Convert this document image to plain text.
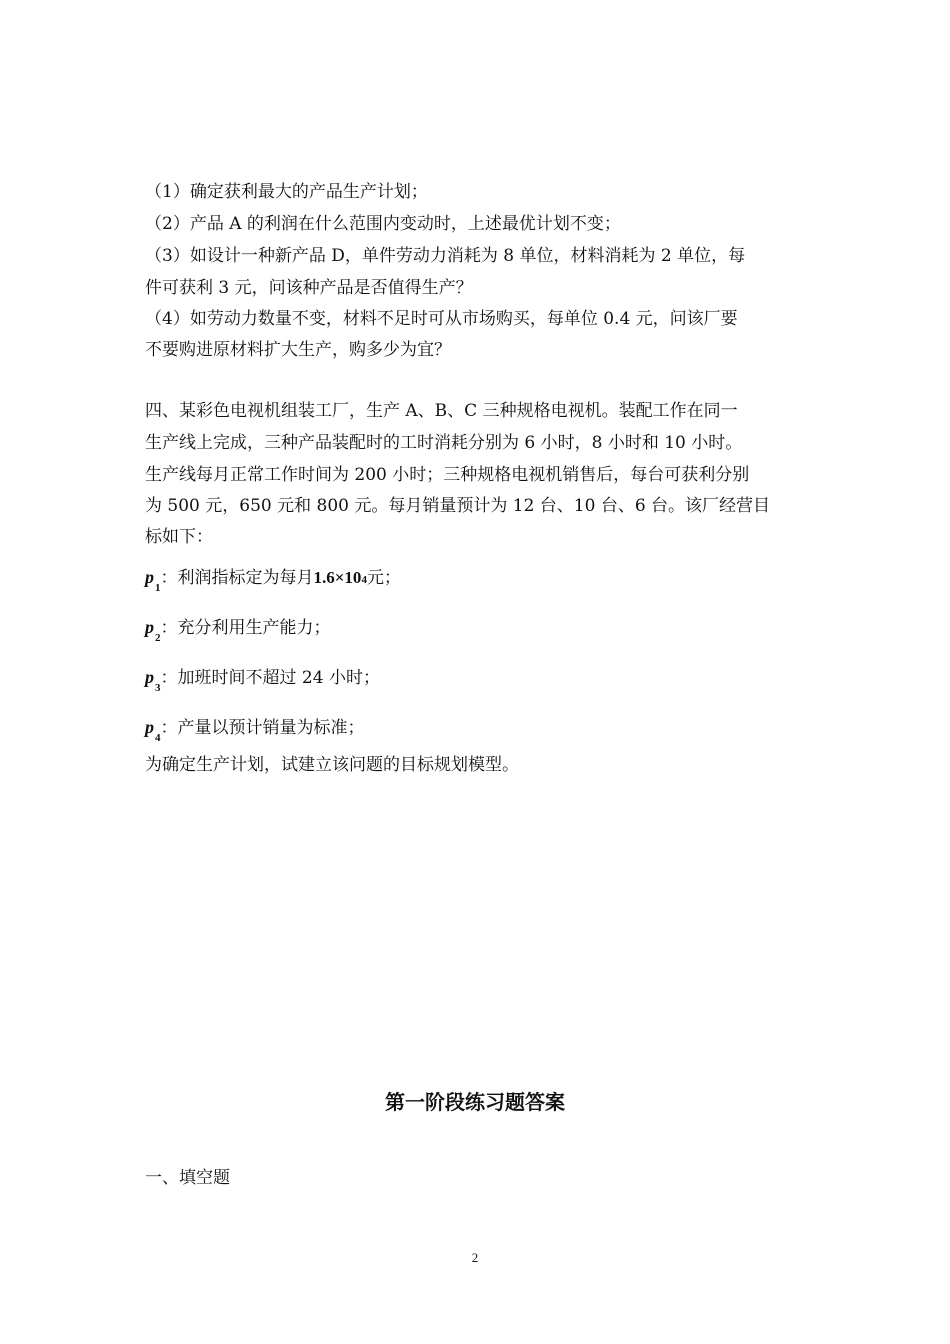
（1）确定获利最大的产品生产计划；
（2）产品 A 的利润在什么范围内变动时，上述最优计划不变；
（3）如设计一种新产品 D，单件劳动力消耗为 8 单位，材料消耗为 2 单位，每
件可获利 3 元，问该种产品是否值得生产？
（4）如劳动力数量不变，材料不足时可从市场购买，每单位 0.4 元，问该厂要
不要购进原材料扩大生产，购多少为宜？
四、某彩色电视机组装工厂，生产 A、B、C 三种规格电视机。装配工作在同一
生产线上完成，三种产品装配时的工时消耗分别为 6 小时，8 小时和 10 小时。
生产线每月正常工作时间为 200 小时；三种规格电视机销售后，每台可获利分别
为 500 元，650 元和 800 元。每月销量预计为 12 台、10 台、6 台。该厂经营目
标如下：
$p_1$：利润指标定为每月1.6×104元；
$p_2$：充分利用生产能力；
$p_3$：加班时间不超过 24 小时；
$p_4$：产量以预计销量为标准；
为确定生产计划，试建立该问题的目标规划模型。
第一阶段练习题答案
一、填空题
2
